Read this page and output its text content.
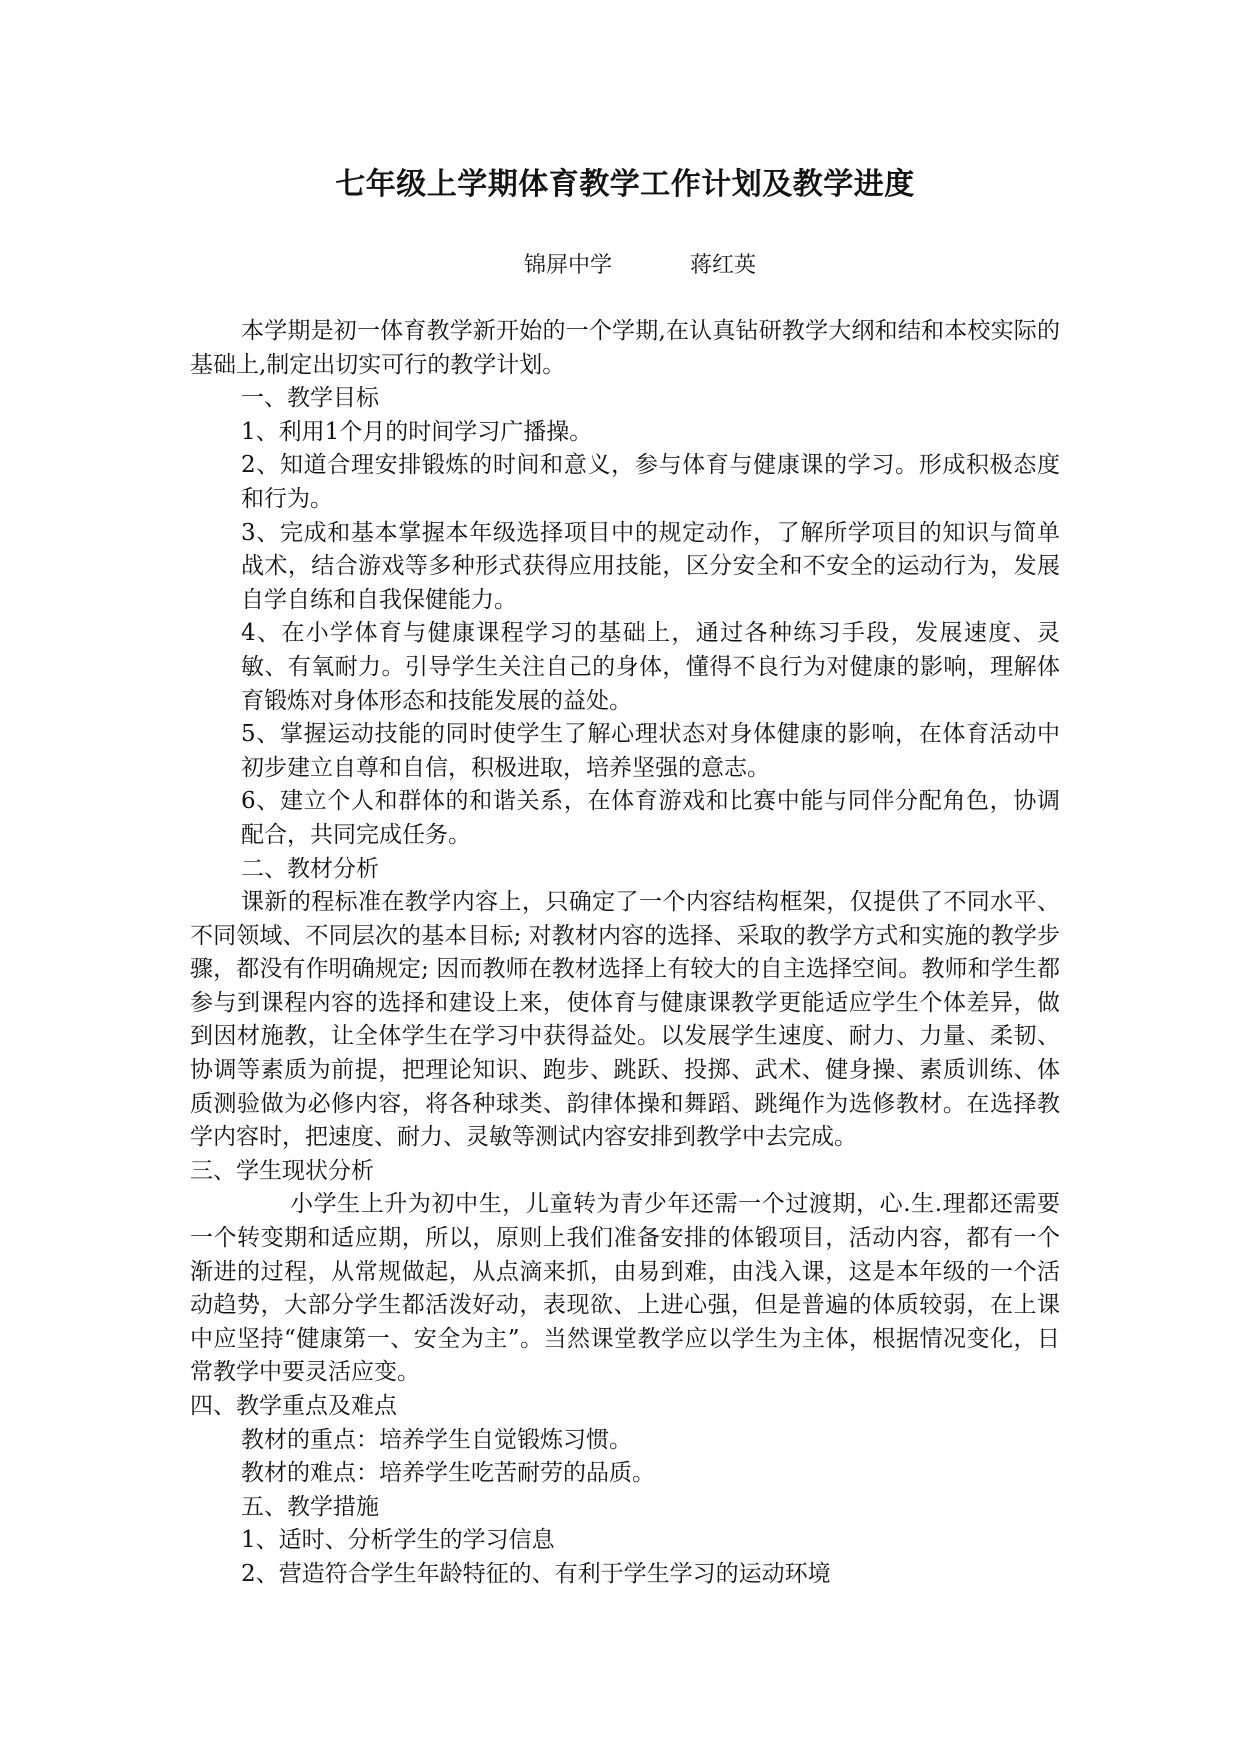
七年级上学期体育教学工作计划及教学进度
锦屏中学	蒋红英

本学期是初一体育教学新开始的一个学期,在认真钻研教学大纲和结和本校实际的基础上,制定出切实可行的教学计划。

一、教学目标

1、利用1个月的时间学习广播操。

2、知道合理安排锻炼的时间和意义，参与体育与健康课的学习。形成积极态度和行为。

3、完成和基本掌握本年级选择项目中的规定动作，了解所学项目的知识与简单战术，结合游戏等多种形式获得应用技能，区分安全和不安全的运动行为，发展自学自练和自我保健能力。

4、在小学体育与健康课程学习的基础上，通过各种练习手段，发展速度、灵敏、有氧耐力。引导学生关注自己的身体，懂得不良行为对健康的影响，理解体育锻炼对身体形态和技能发展的益处。

5、掌握运动技能的同时使学生了解心理状态对身体健康的影响，在体育活动中初步建立自尊和自信，积极进取，培养坚强的意志。

6、建立个人和群体的和谐关系，在体育游戏和比赛中能与同伴分配角色，协调配合，共同完成任务。

二、教材分析

课新的程标准在教学内容上，只确定了一个内容结构框架，仅提供了不同水平、不同领域、不同层次的基本目标; 对教材内容的选择、采取的教学方式和实施的教学步骤，都没有作明确规定; 因而教师在教材选择上有较大的自主选择空间。教师和学生都参与到课程内容的选择和建设上来，使体育与健康课教学更能适应学生个体差异，做到因材施教，让全体学生在学习中获得益处。以发展学生速度、耐力、力量、柔韧、协调等素质为前提，把理论知识、跑步、跳跃、投掷、武术、健身操、素质训练、体质测验做为必修内容，将各种球类、韵律体操和舞蹈、跳绳作为选修教材。在选择教学内容时，把速度、耐力、灵敏等测试内容安排到教学中去完成。

三、学生现状分析

小学生上升为初中生，儿童转为青少年还需一个过渡期，心.生.理都还需要一个转变期和适应期，所以，原则上我们准备安排的体锻项目，活动内容，都有一个渐进的过程，从常规做起，从点滴来抓，由易到难，由浅入课，这是本年级的一个活动趋势，大部分学生都活泼好动，表现欲、上进心强，但是普遍的体质较弱，在上课中应坚持“健康第一、安全为主”。当然课堂教学应以学生为主体，根据情况变化，日常教学中要灵活应变。

四、教学重点及难点

教材的重点：培养学生自觉锻炼习惯。

教材的难点：培养学生吃苦耐劳的品质。

五、教学措施

1、适时、分析学生的学习信息

2、营造符合学生年龄特征的、有利于学生学习的运动环境
